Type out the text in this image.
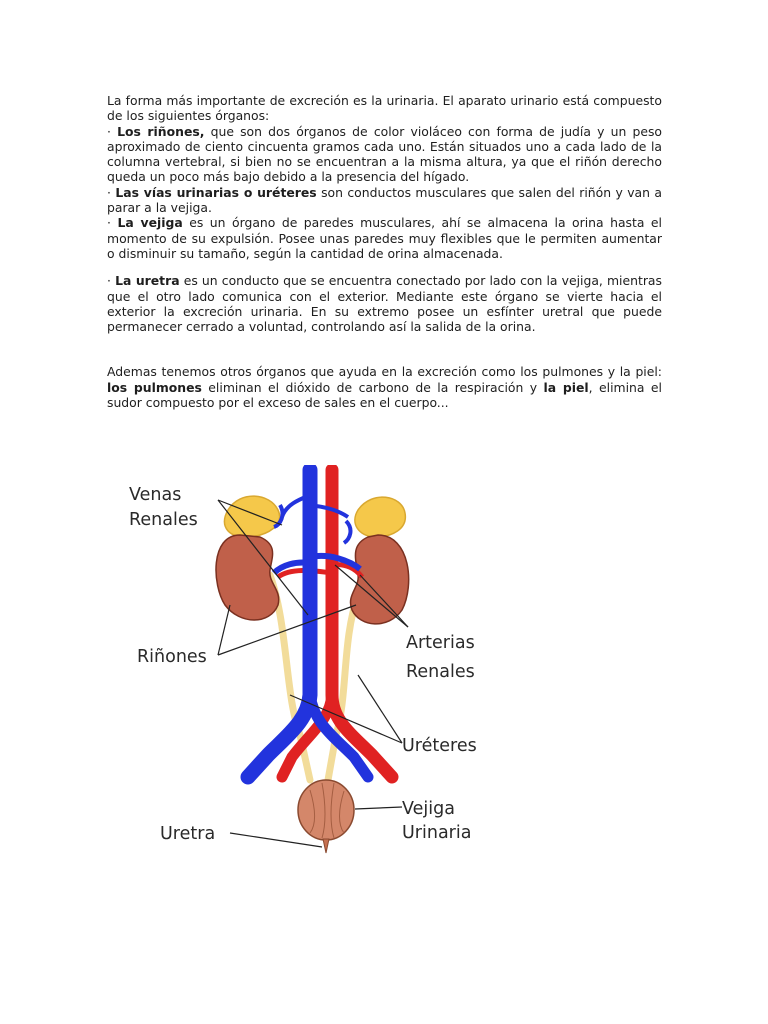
La forma más importante de excreción es la urinaria. El aparato urinario está compuesto de los siguientes órganos:

· Los riñones, que son dos órganos de color violáceo con forma de judía y un peso aproximado de ciento cincuenta gramos cada uno. Están situados uno a cada lado de la columna vertebral, si bien no se encuentran a la misma altura, ya que el riñón derecho queda un poco más bajo debido a la presencia del hígado.

· Las vías urinarias o uréteres son conductos musculares que salen del riñón y van a parar a la vejiga.

· La vejiga es un órgano de paredes musculares, ahí se almacena la orina hasta el momento de su expulsión. Posee unas paredes muy flexibles que le permiten aumentar o disminuir su tamaño, según la cantidad de orina almacenada.

· La uretra es un conducto que se encuentra conectado por lado con la vejiga, mientras que el otro lado comunica con el exterior. Mediante este órgano se vierte hacia el exterior la excreción urinaria. En su extremo posee un esfínter uretral que puede permanecer cerrado a voluntad, controlando así la salida de la orina.

Ademas tenemos otros órganos que ayuda en la excreción como los pulmones y la piel: los pulmones eliminan el dióxido de carbono de la respiración y la piel, elimina el sudor compuesto por el exceso de sales en el cuerpo...

Venas
Renales
Riñones
Arterias
Renales
Uréteres
Vejiga
Urinaria
Uretra
